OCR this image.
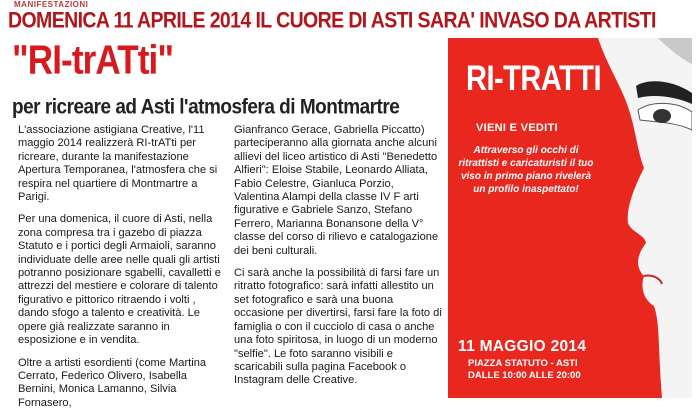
MANIFESTAZIONI
DOMENICA 11 APRILE 2014 IL CUORE DI ASTI SARA' INVASO DA ARTISTI
"RI-trATti"
per ricreare ad Asti l'atmosfera di Montmartre

L'associazione astigiana Creative, l'11 maggio 2014 realizzerà RI-trATti per ricreare, durante la manifestazione Apertura Temporanea, l'atmosfera che si respira nel quartiere di Montmartre a Parigi.

Per una domenica, il cuore di Asti, nella zona compresa tra i gazebo di piazza Statuto e i portici degli Armaioli, saranno individuate delle aree nelle quali gli artisti potranno posizionare sgabelli, cavalletti e attrezzi del mestiere e colorare di talento figurativo e pittorico ritraendo i volti , dando sfogo a talento e creatività. Le opere già realizzate saranno in esposizione e in vendita.

Oltre a artisti esordienti (come Martina Cerrato, Federico Olivero, Isabella Bernini, Monica Lamanno, Silvia Fornasero,

Gianfranco Gerace, Gabriella Piccatto) parteciperanno alla giornata anche alcuni allievi del liceo artistico di Asti "Benedetto Alfieri": Eloise Stabile, Leonardo Alliata, Fabio Celestre, Gianluca Porzio, Valentina Alampi della classe IV F arti figurative e Gabriele Sanzo, Stefano Ferrero, Marianna Bonansone della V° classe del corso di rilievo e catalogazione dei beni culturali.

Ci sarà anche la possibilità di farsi fare un ritratto fotografico: sarà infatti allestito un set fotografico e sarà una buona occasione per divertirsi, farsi fare la foto di famiglia o con il cucciolo di casa o anche una foto spiritosa, in luogo di un moderno "selfie". Le foto saranno visibili e scaricabili sulla pagina Facebook o Instagram delle Creative.

RI-TRATTI
VIENI E VEDITI
Attraverso gli occhi di ritrattisti e caricaturisti il tuo viso in primo piano rivelerà un profilo inaspettato!
11 MAGGIO 2014
PIAZZA STATUTO - ASTI
DALLE 10:00 ALLE 20:00
